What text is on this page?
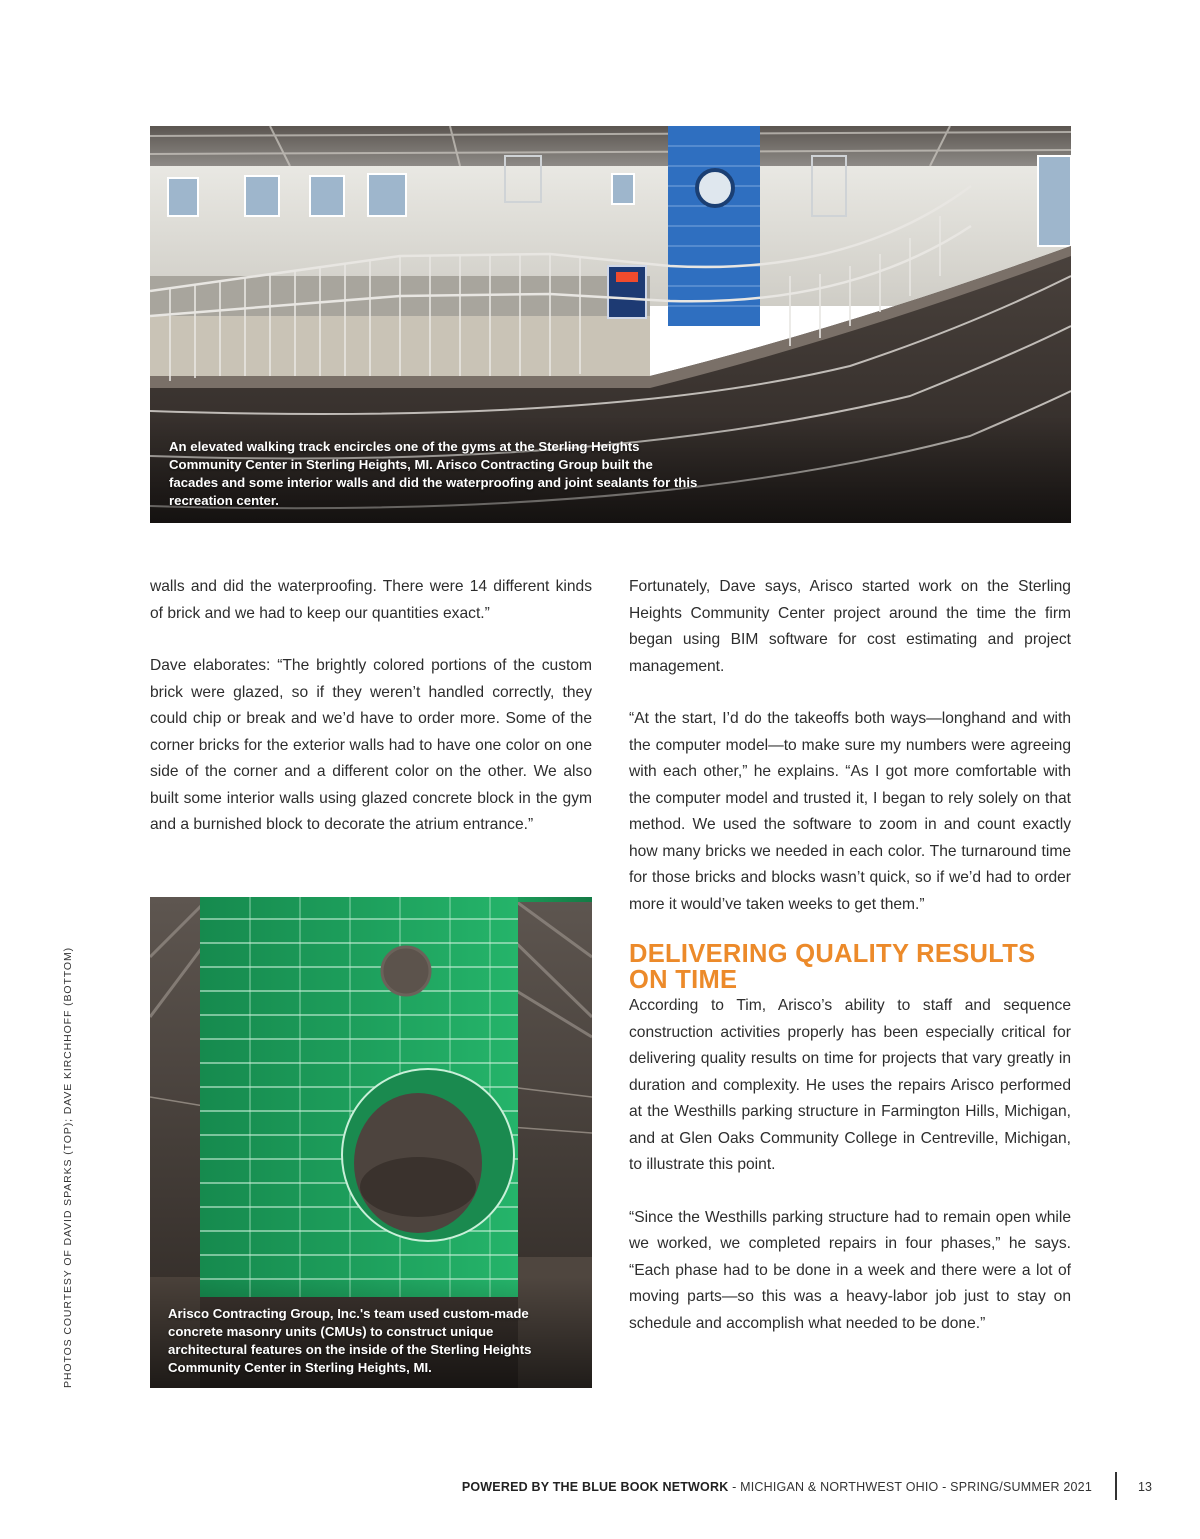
An elevated walking track encircles one of the gyms at the Sterling Heights Community Center in Sterling Heights, MI. Arisco Contracting Group built the facades and some interior walls and did the waterproofing and joint sealants for this recreation center.

walls and did the waterproofing. There were 14 different kinds of brick and we had to keep our quantities exact.”

Dave elaborates: “The brightly colored portions of the custom brick were glazed, so if they weren’t handled correctly, they could chip or break and we’d have to order more. Some of the corner bricks for the exterior walls had to have one color on one side of the corner and a different color on the other. We also built some interior walls using glazed concrete block in the gym and a burnished block to decorate the atrium entrance.”

Arisco Contracting Group, Inc.'s team used custom-made concrete masonry units (CMUs) to construct unique architectural features on the inside of the Sterling Heights Community Center in Sterling Heights, MI.

Fortunately, Dave says, Arisco started work on the Sterling Heights Community Center project around the time the firm began using BIM software for cost estimating and project management.

“At the start, I’d do the takeoffs both ways—longhand and with the computer model—to make sure my numbers were agreeing with each other,” he explains. “As I got more comfortable with the computer model and trusted it, I began to rely solely on that method. We used the software to zoom in and count exactly how many bricks we needed in each color. The turnaround time for those bricks and blocks wasn’t quick, so if we’d had to order more it would’ve taken weeks to get them.”

DELIVERING QUALITY RESULTS ON TIME

According to Tim, Arisco’s ability to staff and sequence construction activities properly has been especially critical for delivering quality results on time for projects that vary greatly in duration and complexity. He uses the repairs Arisco performed at the Westhills parking structure in Farmington Hills, Michigan, and at Glen Oaks Community College in Centreville, Michigan, to illustrate this point.

“Since the Westhills parking structure had to remain open while we worked, we completed repairs in four phases,” he says. “Each phase had to be done in a week and there were a lot of moving parts—so this was a heavy-labor job just to stay on schedule and accomplish what needed to be done.”

PHOTOS COURTESY OF DAVID SPARKS (TOP); DAVE KIRCHHOFF (BOTTOM)
POWERED BY THE BLUE BOOK NETWORK - MICHIGAN & NORTHWEST OHIO - SPRING/SUMMER 2021	13
